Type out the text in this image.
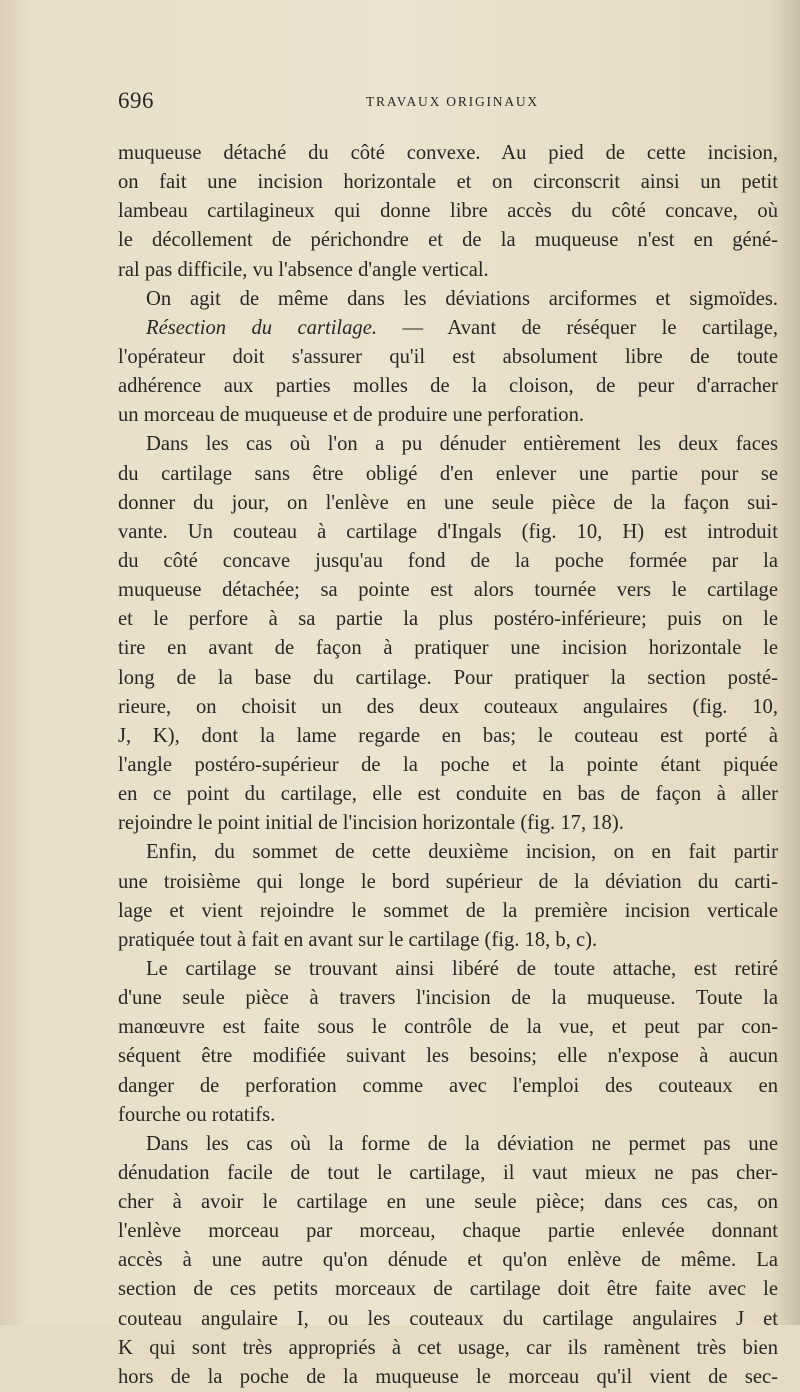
696	TRAVAUX ORIGINAUX
muqueuse détaché du côté convexe. Au pied de cette incision,
on fait une incision horizontale et on circonscrit ainsi un petit
lambeau cartilagineux qui donne libre accès du côté concave, où
le décollement de périchondre et de la muqueuse n'est en géné-
ral pas difficile, vu l'absence d'angle vertical.
On agit de même dans les déviations arciformes et sigmoïdes.
Résection du cartilage. — Avant de réséquer le cartilage,
l'opérateur doit s'assurer qu'il est absolument libre de toute
adhérence aux parties molles de la cloison, de peur d'arracher
un morceau de muqueuse et de produire une perforation.
Dans les cas où l'on a pu dénuder entièrement les deux faces
du cartilage sans être obligé d'en enlever une partie pour se
donner du jour, on l'enlève en une seule pièce de la façon sui-
vante. Un couteau à cartilage d'Ingals (fig. 10, H) est introduit
du côté concave jusqu'au fond de la poche formée par la
muqueuse détachée; sa pointe est alors tournée vers le cartilage
et le perfore à sa partie la plus postéro-inférieure; puis on le
tire en avant de façon à pratiquer une incision horizontale le
long de la base du cartilage. Pour pratiquer la section posté-
rieure, on choisit un des deux couteaux angulaires (fig. 10,
J, K), dont la lame regarde en bas; le couteau est porté à
l'angle postéro-supérieur de la poche et la pointe étant piquée
en ce point du cartilage, elle est conduite en bas de façon à aller
rejoindre le point initial de l'incision horizontale (fig. 17, 18).
Enfin, du sommet de cette deuxième incision, on en fait partir
une troisième qui longe le bord supérieur de la déviation du carti-
lage et vient rejoindre le sommet de la première incision verticale
pratiquée tout à fait en avant sur le cartilage (fig. 18, b, c).
Le cartilage se trouvant ainsi libéré de toute attache, est retiré
d'une seule pièce à travers l'incision de la muqueuse. Toute la
manœuvre est faite sous le contrôle de la vue, et peut par con-
séquent être modifiée suivant les besoins; elle n'expose à aucun
danger de perforation comme avec l'emploi des couteaux en
fourche ou rotatifs.
Dans les cas où la forme de la déviation ne permet pas une
dénudation facile de tout le cartilage, il vaut mieux ne pas cher-
cher à avoir le cartilage en une seule pièce; dans ces cas, on
l'enlève morceau par morceau, chaque partie enlevée donnant
accès à une autre qu'on dénude et qu'on enlève de même. La
section de ces petits morceaux de cartilage doit être faite avec le
couteau angulaire I, ou les couteaux du cartilage angulaires J et
K qui sont très appropriés à cet usage, car ils ramènent très bien
hors de la poche de la muqueuse le morceau qu'il vient de sec-
